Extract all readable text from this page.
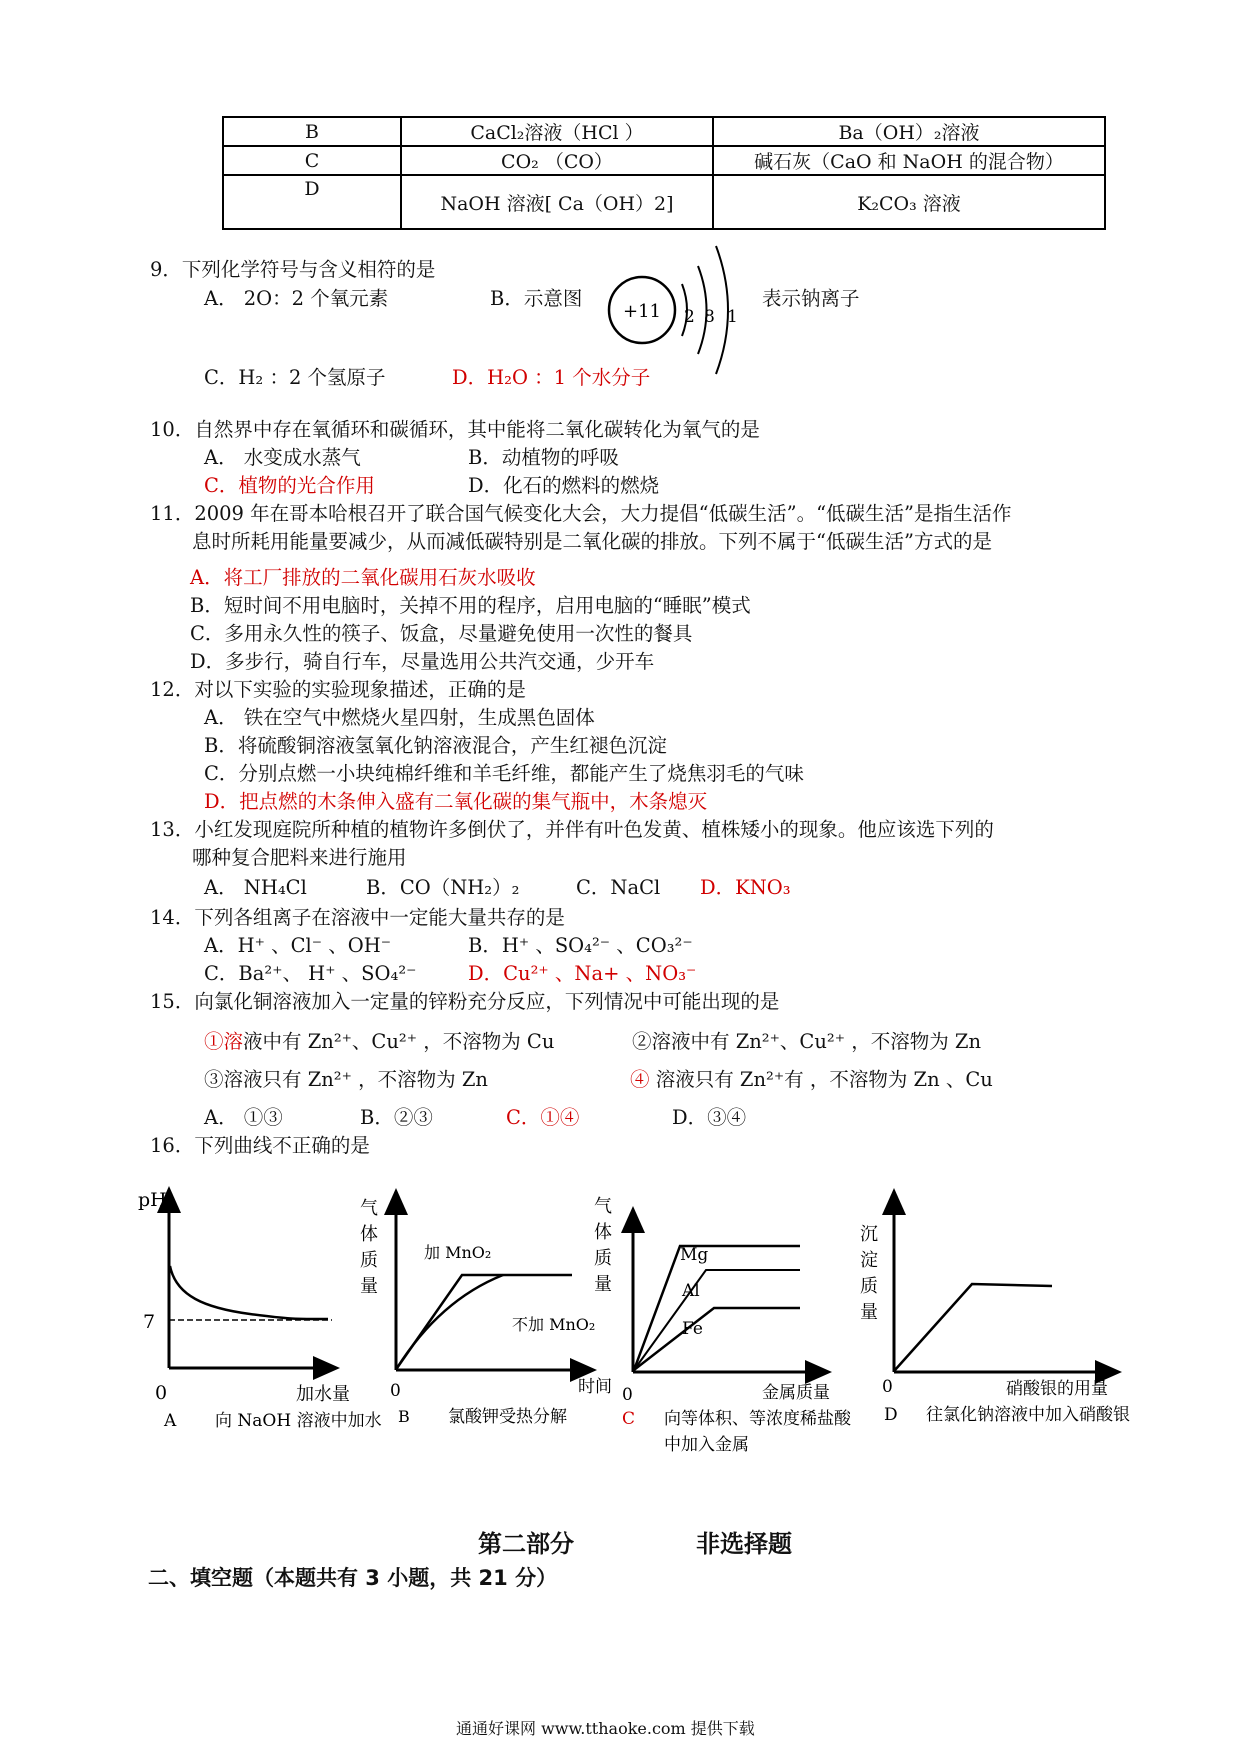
B	CaCl₂溶液（HCl ）	Ba（OH）₂溶液
C	CO₂ （CO）	碱石灰（CaO 和 NaOH 的混合物）
D	NaOH 溶液[ Ca（OH）2]	K₂CO₃ 溶液
9．下列化学符号与含义相符的是
A． 2O：2 个氧元素	B．示意图
+11 2 8 1
表示钠离子
C．H₂ ：2 个氢原子	D．H₂O ：1 个水分子
10．自然界中存在氧循环和碳循环，其中能将二氧化碳转化为氧气的是
A． 水变成水蒸气	B．动植物的呼吸
C．植物的光合作用	D．化石的燃料的燃烧
11．2009 年在哥本哈根召开了联合国气候变化大会，大力提倡“低碳生活”。“低碳生活”是指生活作
息时所耗用能量要减少，从而减低碳特别是二氧化碳的排放。下列不属于“低碳生活”方式的是
A．将工厂排放的二氧化碳用石灰水吸收
B．短时间不用电脑时，关掉不用的程序，启用电脑的“睡眠”模式
C．多用永久性的筷子、饭盒，尽量避免使用一次性的餐具
D．多步行，骑自行车，尽量选用公共汽交通，少开车
12．对以下实验的实验现象描述，正确的是
A． 铁在空气中燃烧火星四射，生成黑色固体
B．将硫酸铜溶液氢氧化钠溶液混合，产生红褪色沉淀
C．分别点燃一小块纯棉纤维和羊毛纤维，都能产生了烧焦羽毛的气味
D．把点燃的木条伸入盛有二氧化碳的集气瓶中，木条熄灭
13．小红发现庭院所种植的植物许多倒伏了，并伴有叶色发黄、植株矮小的现象。他应该选下列的
哪种复合肥料来进行施用
A． NH₄Cl	B．CO（NH₂）₂	C．NaCl D．KNO₃
14．下列各组离子在溶液中一定能大量共存的是
A．H⁺ 、Cl⁻ 、OH⁻	B．H⁺ 、SO₄²⁻ 、CO₃²⁻
C．Ba²⁺、 H⁺ 、SO₄²⁻	D．Cu²⁺ 、Na+ 、NO₃⁻
15．向氯化铜溶液加入一定量的锌粉充分反应，下列情况中可能出现的是
①溶液中有 Zn²⁺、Cu²⁺ ，不溶物为 Cu	②溶液中有 Zn²⁺、Cu²⁺ ，不溶物为 Zn
③溶液只有 Zn²⁺ ，不溶物为 Zn	④ 溶液只有 Zn²⁺有 ，不溶物为 Zn 、Cu
A． ①③	B．②③	C．①④	D．③④
16．下列曲线不正确的是
pH
7
0	加水量
A 向 NaOH 溶液中加水
气
体
质
量
加 MnO₂
不加 MnO₂
0	时间
B 氯酸钾受热分解
气
体
质
量
Mg
Al
Fe
0	金属质量
C 向等体积、等浓度稀盐酸
中加入金属
沉
淀
质
量
0	硝酸银的用量
D 往氯化钠溶液中加入硝酸银
第二部分	非选择题
二、填空题（本题共有 3 小题，共 21 分）
通通好课网 www.tthaoke.com 提供下载
